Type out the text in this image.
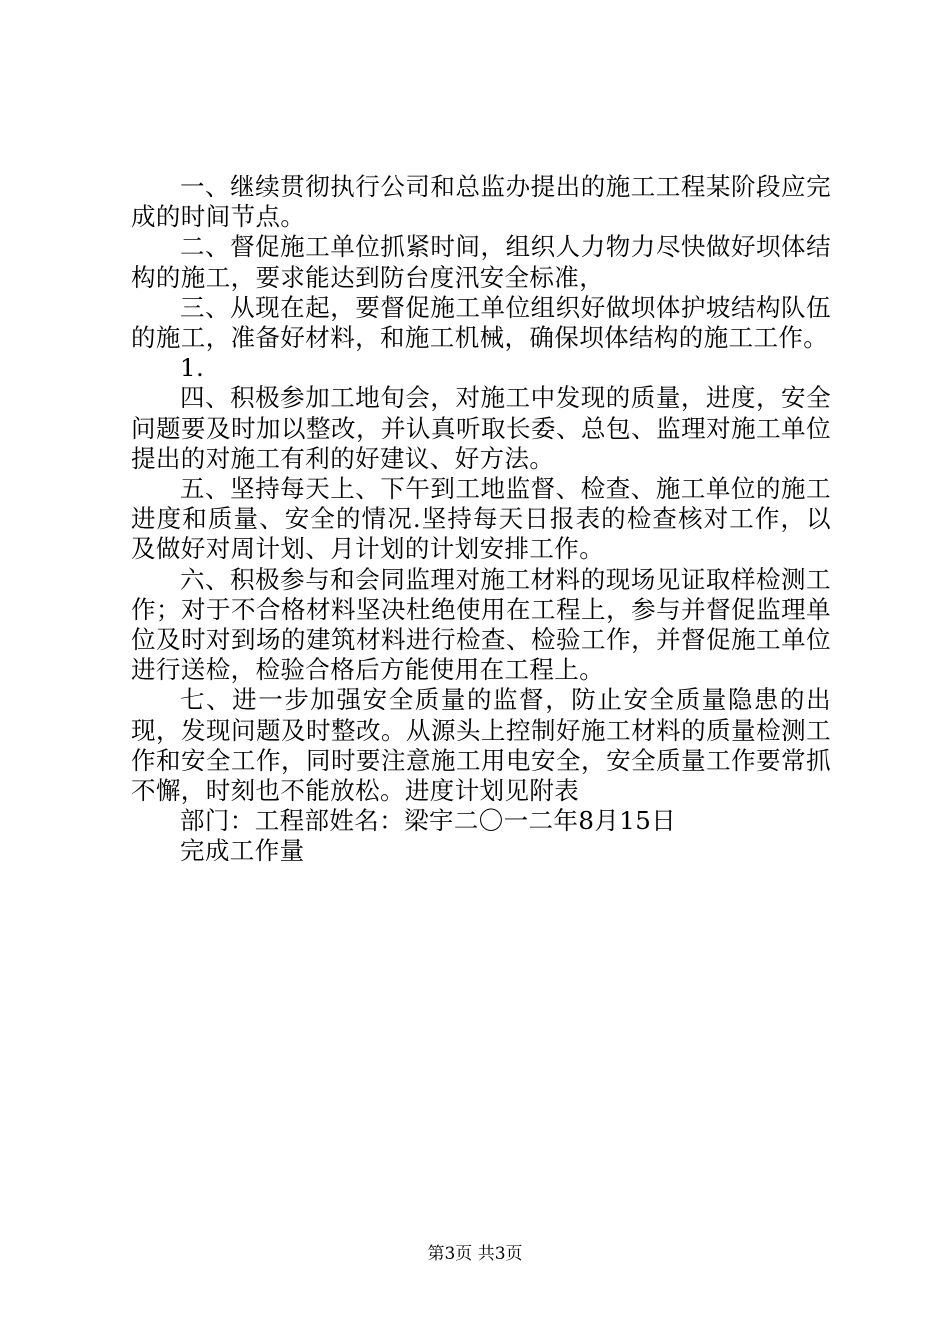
一、继续贯彻执行公司和总监办提出的施工工程某阶段应完成的时间节点。

二、督促施工单位抓紧时间，组织人力物力尽快做好坝体结构的施工，要求能达到防台度汛安全标准，

三、从现在起，要督促施工单位组织好做坝体护坡结构队伍的施工，准备好材料，和施工机械，确保坝体结构的施工工作。

1.

四、积极参加工地旬会，对施工中发现的质量，进度，安全问题要及时加以整改，并认真听取长委、总包、监理对施工单位提出的对施工有利的好建议、好方法。

五、坚持每天上、下午到工地监督、检查、施工单位的施工进度和质量、安全的情况.坚持每天日报表的检查核对工作，以及做好对周计划、月计划的计划安排工作。

六、积极参与和会同监理对施工材料的现场见证取样检测工作；对于不合格材料坚决杜绝使用在工程上，参与并督促监理单位及时对到场的建筑材料进行检查、检验工作，并督促施工单位进行送检，检验合格后方能使用在工程上。

七、进一步加强安全质量的监督，防止安全质量隐患的出现，发现问题及时整改。从源头上控制好施工材料的质量检测工作和安全工作，同时要注意施工用电安全，安全质量工作要常抓不懈，时刻也不能放松。进度计划见附表

部门：工程部姓名：梁宇二〇一二年8月15日

完成工作量

第3页 共3页
